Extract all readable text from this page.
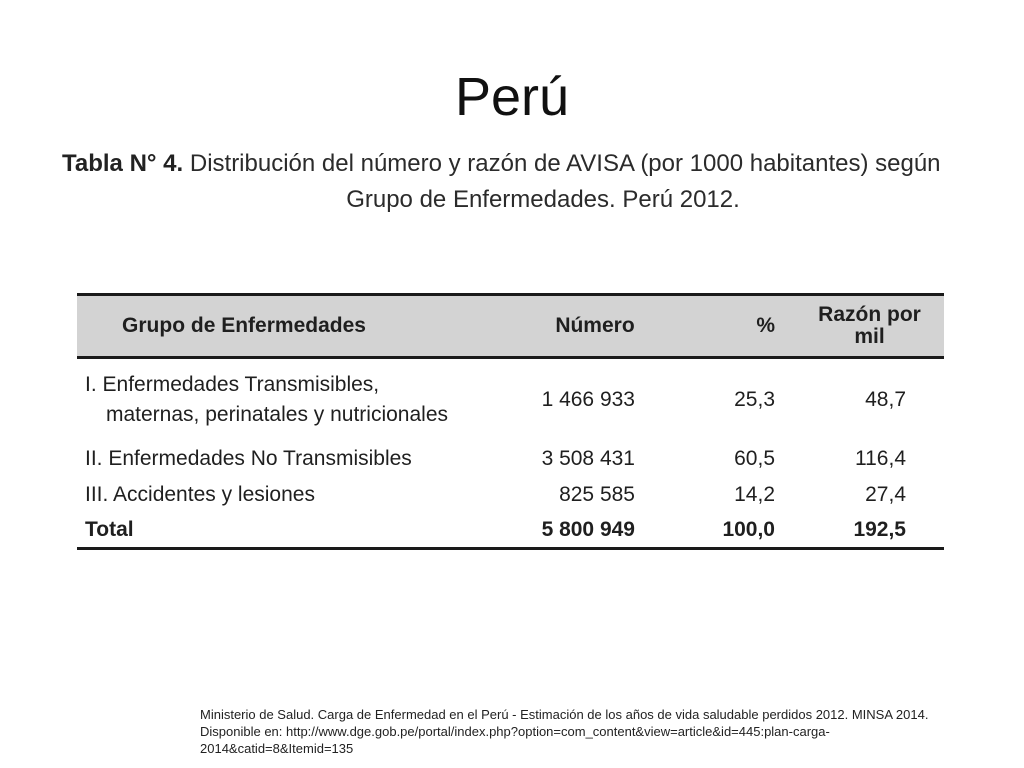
Perú
Tabla N° 4. Distribución del número y razón de AVISA (por 1000 habitantes) según
Grupo de Enfermedades. Perú 2012.
Grupo de Enfermedades	Número	%	Razón por
mil
I. Enfermedades Transmisibles,
maternas, perinatales y nutricionales	1 466 933	25,3	48,7
II. Enfermedades No Transmisibles	3 508 431	60,5	116,4
III. Accidentes y lesiones	825 585	14,2	27,4
Total	5 800 949	100,0	192,5
Ministerio de Salud. Carga de Enfermedad en el Perú - Estimación de los años de vida saludable perdidos 2012. MINSA 2014.
Disponible en: http://www.dge.gob.pe/portal/index.php?option=com_content&view=article&id=445:plan-carga-
2014&catid=8&Itemid=135
